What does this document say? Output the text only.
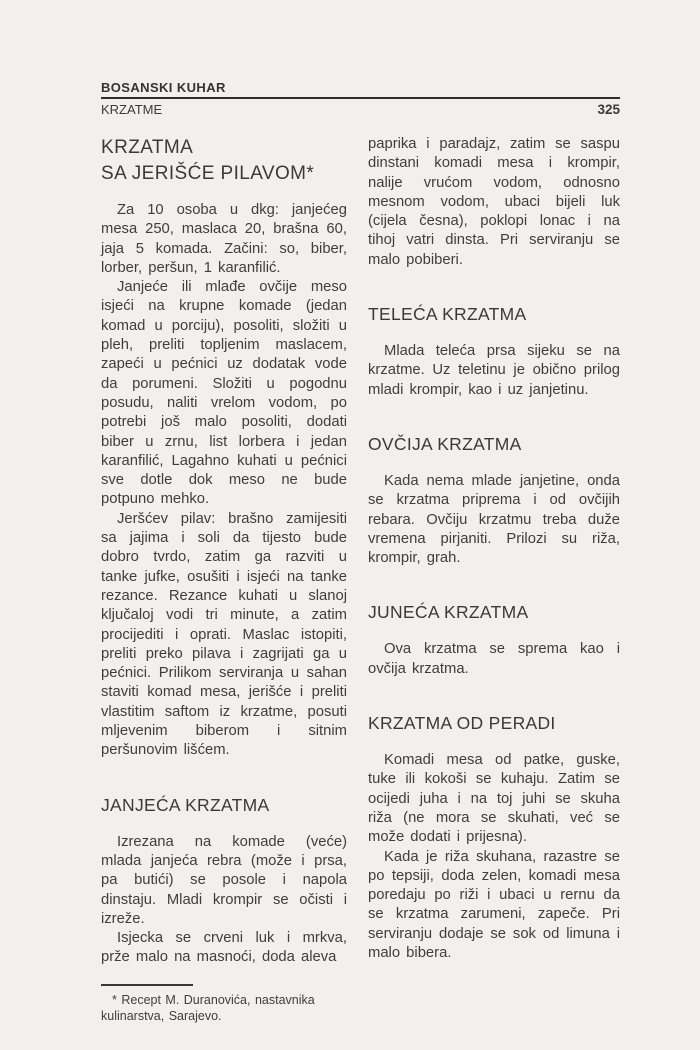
BOSANSKI KUHAR
KRZATME	325
KRZATMA
SA JERIŠĆE PILAVOM*

Za 10 osoba u dkg: janjećeg mesa 250, maslaca 20, brašna 60, jaja 5 komada. Začini: so, biber, lorber, peršun, 1 karanfilić.

Janjeće ili mlađe ovčije meso isjeći na krupne komade (jedan komad u porciju), posoliti, složiti u pleh, preliti topljenim maslacem, zapeći u pećnici uz dodatak vode da porumeni. Složiti u pogodnu posudu, naliti vrelom vodom, po potrebi još malo posoliti, dodati biber u zrnu, list lorbera i jedan karanfilić, Lagahno kuhati u pećnici sve dotle dok meso ne bude potpuno mehko.

Jeršćev pilav: brašno zamijesiti sa jajima i soli da tijesto bude dobro tvrdo, zatim ga razviti u tanke jufke, osušiti i isjeći na tanke rezance. Rezance kuhati u slanoj ključaloj vodi tri minute, a zatim procijediti i oprati. Maslac istopiti, preliti preko pilava i zagrijati ga u pećnici. Prilikom serviranja u sahan staviti komad mesa, jerišće i preliti vlastitim saftom iz krzatme, posuti mljevenim biberom i sitnim peršunovim lišćem.

JANJEĆA KRZATMA

Izrezana na komade (veće) mlada janjeća rebra (može i prsa, pa butići) se posole i napola dinstaju. Mladi krompir se očisti i izreže.

Isjecka se crveni luk i mrkva, prže malo na masnoći, doda aleva

* Recept M. Duranovića, nastavnika kulinarstva, Sarajevo.

paprika i paradajz, zatim se saspu dinstani komadi mesa i krompir, nalije vrućom vodom, odnosno mesnom vodom, ubaci bijeli luk (cijela česna), poklopi lonac i na tihoj vatri dinsta. Pri serviranju se malo pobiberi.

TELEĆA KRZATMA

Mlada teleća prsa sijeku se na krzatme. Uz teletinu je obično prilog mladi krompir, kao i uz janjetinu.

OVČIJA KRZATMA

Kada nema mlade janjetine, onda se krzatma priprema i od ovčijih rebara. Ovčiju krzatmu treba duže vremena pirjaniti. Prilozi su riža, krompir, grah.

JUNEĆA KRZATMA

Ova krzatma se sprema kao i ovčija krzatma.

KRZATMA OD PERADI

Komadi mesa od patke, guske, tuke ili kokoši se kuhaju. Zatim se ocijedi juha i na toj juhi se skuha riža (ne mora se skuhati, već se može dodati i prijesna).

Kada je riža skuhana, razastre se po tepsiji, doda zelen, komadi mesa poredaju po riži i ubaci u rernu da se krzatma zarumeni, zapeče. Pri serviranju dodaje se sok od limuna i malo bibera.
